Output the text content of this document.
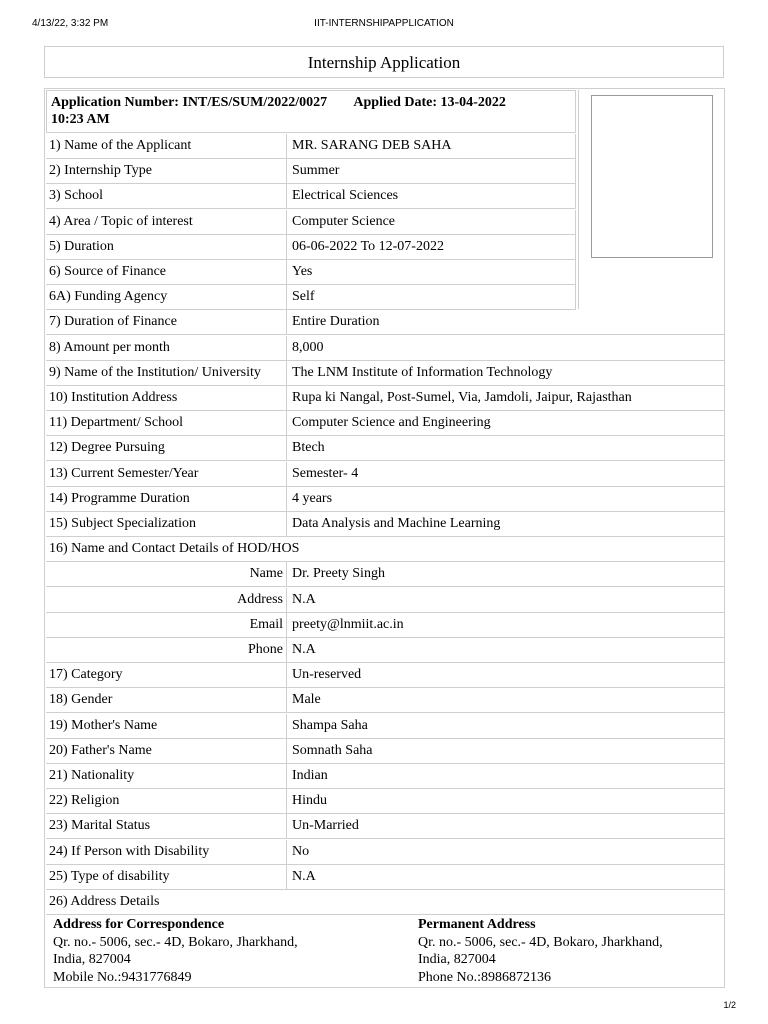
4/13/22, 3:32 PM	IIT-INTERNSHIPAPPLICATION
Internship Application
Application Number: INT/ES/SUM/2022/0027 Applied Date: 13-04-2022
10:23 AM
1) Name of the Applicant	MR. SARANG DEB SAHA
2) Internship Type	Summer
3) School	Electrical Sciences
4) Area / Topic of interest	Computer Science
5) Duration	06-06-2022 To 12-07-2022
6) Source of Finance	Yes
6A) Funding Agency	Self
7) Duration of Finance	Entire Duration
8) Amount per month	8,000
9) Name of the Institution/ University	The LNM Institute of Information Technology
10) Institution Address	Rupa ki Nangal, Post-Sumel, Via, Jamdoli, Jaipur, Rajasthan
11) Department/ School	Computer Science and Engineering
12) Degree Pursuing	Btech
13) Current Semester/Year	Semester- 4
14) Programme Duration	4 years
15) Subject Specialization	Data Analysis and Machine Learning
16) Name and Contact Details of HOD/HOS
Name Dr. Preety Singh
Address N.A
Email preety@lnmiit.ac.in
Phone N.A
17) Category	Un-reserved
18) Gender	Male
19) Mother's Name	Shampa Saha
20) Father's Name	Somnath Saha
21) Nationality	Indian
22) Religion	Hindu
23) Marital Status	Un-Married
24) If Person with Disability	No
25) Type of disability	N.A
26) Address Details
Address for Correspondence
Qr. no.- 5006, sec.- 4D, Bokaro, Jharkhand,
India, 827004
Mobile No.:9431776849
Permanent Address
Qr. no.- 5006, sec.- 4D, Bokaro, Jharkhand,
India, 827004
Phone No.:8986872136
1/2
